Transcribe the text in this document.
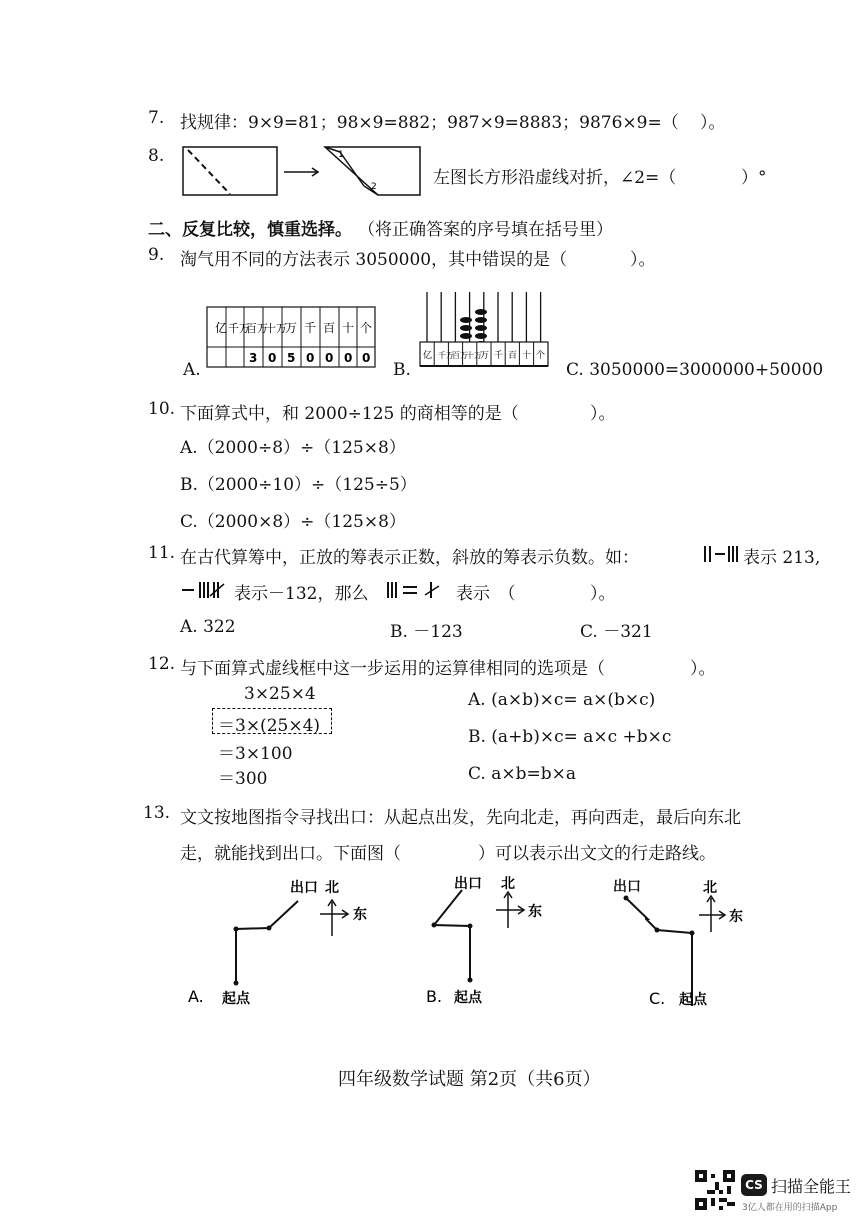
7. 找规律：9×9=81；98×9=882；987×9=8883；9876×9=（ ）。
8.	1
2	左图长方形沿虚线对折，∠2=（	）°
二、反复比较，慎重选择。 （将正确答案的序号填在括号里）
9. 淘气用不同的方法表示 3050000，其中错误的是（	）。
A.
亿 千万
百万
十万
万 千 百 十 个
3 0 5 0 0 0 0
B.
亿 千万
百万
十万
万 千 百 十 个
C. 3050000=3000000+50000
10. 下面算式中，和 2000÷125 的商相等的是（	）。
A.（2000÷8）÷（125×8）
B.（2000÷10）÷（125÷5）
C.（2000×8）÷（125×8）
11. 在古代算筹中，正放的筹表示正数，斜放的筹表示负数。如：	表示 213,
表示－132，那么	表示　（	）。
A. 322	B. －123	C. －321
12. 与下面算式虚线框中这一步运用的运算律相同的选项是（	）。
3×25×4
＝3×(25×4)
＝3×100
＝300
A. (a×b)×c= a×(b×c)
B. (a+b)×c= a×c +b×c
C. a×b=b×a
13. 文文按地图指令寻找出口：从起点出发，先向北走，再向西走，最后向东北
走，就能找到出口。下面图（	）可以表示出文文的行走路线。
出口
起点
北
东
A.
出口
起点
北
东
B.	起点
C.
北
东
出口
四年级数学试题 第2页（共6页）
CS 扫描全能王
3亿人都在用的扫描App
